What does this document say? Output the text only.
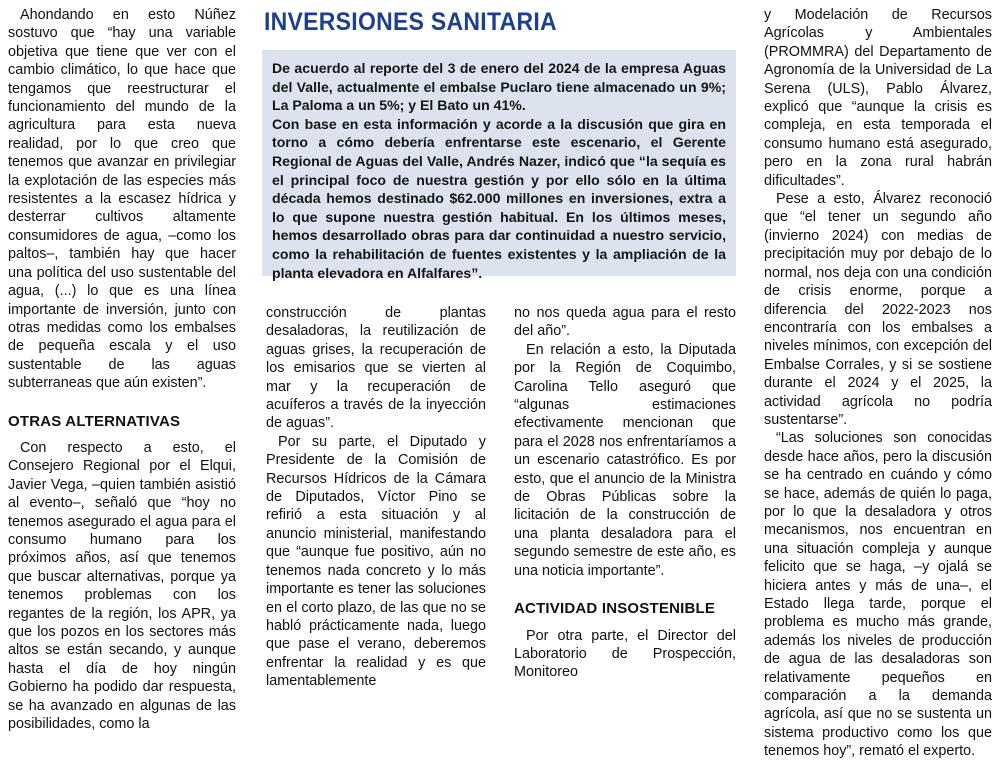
Ahondando en esto Núñez sostuvo que “hay una variable objetiva que tiene que ver con el cambio climático, lo que hace que tengamos que reestructurar el funcionamiento del mundo de la agricultura para esta nueva realidad, por lo que creo que tenemos que avanzar en privilegiar la explotación de las especies más resistentes a la escasez hídrica y desterrar cultivos altamente consumidores de agua, –como los paltos–, también hay que hacer una política del uso sustentable del agua, (...) lo que es una línea importante de inversión, junto con otras medidas como los embalses de pequeña escala y el uso sustentable de las aguas subterraneas que aún existen”.

OTRAS ALTERNATIVAS

Con respecto a esto, el Consejero Regional por el Elqui, Javier Vega, –quien también asistió al evento–, señaló que “hoy no tenemos asegurado el agua para el consumo humano para los próximos años, así que tenemos que buscar alternativas, porque ya tenemos problemas con los regantes de la región, los APR, ya que los pozos en los sectores más altos se están secando, y aunque hasta el día de hoy ningún Gobierno ha podido dar respuesta, se ha avanzado en algunas de las posibilidades, como la

INVERSIONES SANITARIA

De acuerdo al reporte del 3 de enero del 2024 de la empresa Aguas del Valle, actualmente el embalse Puclaro tiene almacenado un 9%; La Paloma a un 5%; y El Bato un 41%.

Con base en esta información y acorde a la discusión que gira en torno a cómo debería enfrentarse este escenario, el Gerente Regional de Aguas del Valle, Andrés Nazer, indicó que “la sequía es el principal foco de nuestra gestión y por ello sólo en la última década hemos destinado $62.000 millones en inversiones, extra a lo que supone nuestra gestión habitual. En los últimos meses, hemos desarrollado obras para dar continuidad a nuestro servicio, como la rehabilitación de fuentes existentes y la ampliación de la planta elevadora en Alfalfares”.

construcción de plantas desaladoras, la reutilización de aguas grises, la recuperación de los emisarios que se vierten al mar y la recuperación de acuíferos a través de la inyección de aguas”.

Por su parte, el Diputado y Presidente de la Comisión de Recursos Hídricos de la Cámara de Diputados, Víctor Pino se refirió a esta situación y al anuncio ministerial, manifestando que “aunque fue positivo, aún no tenemos nada concreto y lo más importante es tener las soluciones en el corto plazo, de las que no se habló prácticamente nada, luego que pase el verano, deberemos enfrentar la realidad y es que lamentablemente

no nos queda agua para el resto del año”.

En relación a esto, la Diputada por la Región de Coquimbo, Carolina Tello aseguró que “algunas estimaciones efectivamente mencionan que para el 2028 nos enfrentaríamos a un escenario catastrófico. Es por esto, que el anuncio de la Ministra de Obras Públicas sobre la licitación de la construcción de una planta desaladora para el segundo semestre de este año, es una noticia importante”.

ACTIVIDAD INSOSTENIBLE

Por otra parte, el Director del Laboratorio de Prospección, Monitoreo

y Modelación de Recursos Agrícolas y Ambientales (PROMMRA) del Departamento de Agronomía de la Universidad de La Serena (ULS), Pablo Álvarez, explicó que “aunque la crisis es compleja, en esta temporada el consumo humano está asegurado, pero en la zona rural habrán dificultades”.

Pese a esto, Álvarez reconoció que “el tener un segundo año (invierno 2024) con medias de precipitación muy por debajo de lo normal, nos deja con una condición de crisis enorme, porque a diferencia del 2022-2023 nos encontraría con los embalses a niveles mínimos, con excepción del Embalse Corrales, y si se sostiene durante el 2024 y el 2025, la actividad agrícola no podría sustentarse”.

“Las soluciones son conocidas desde hace años, pero la discusión se ha centrado en cuándo y cómo se hace, además de quién lo paga, por lo que la desaladora y otros mecanismos, nos encuentran en una situación compleja y aunque felicito que se haga, –y ojalá se hiciera antes y más de una–, el Estado llega tarde, porque el problema es mucho más grande, además los niveles de producción de agua de las desaladoras son relativamente pequeños en comparación a la demanda agrícola, así que no se sustenta un sistema productivo como los que tenemos hoy”, remató el experto.
